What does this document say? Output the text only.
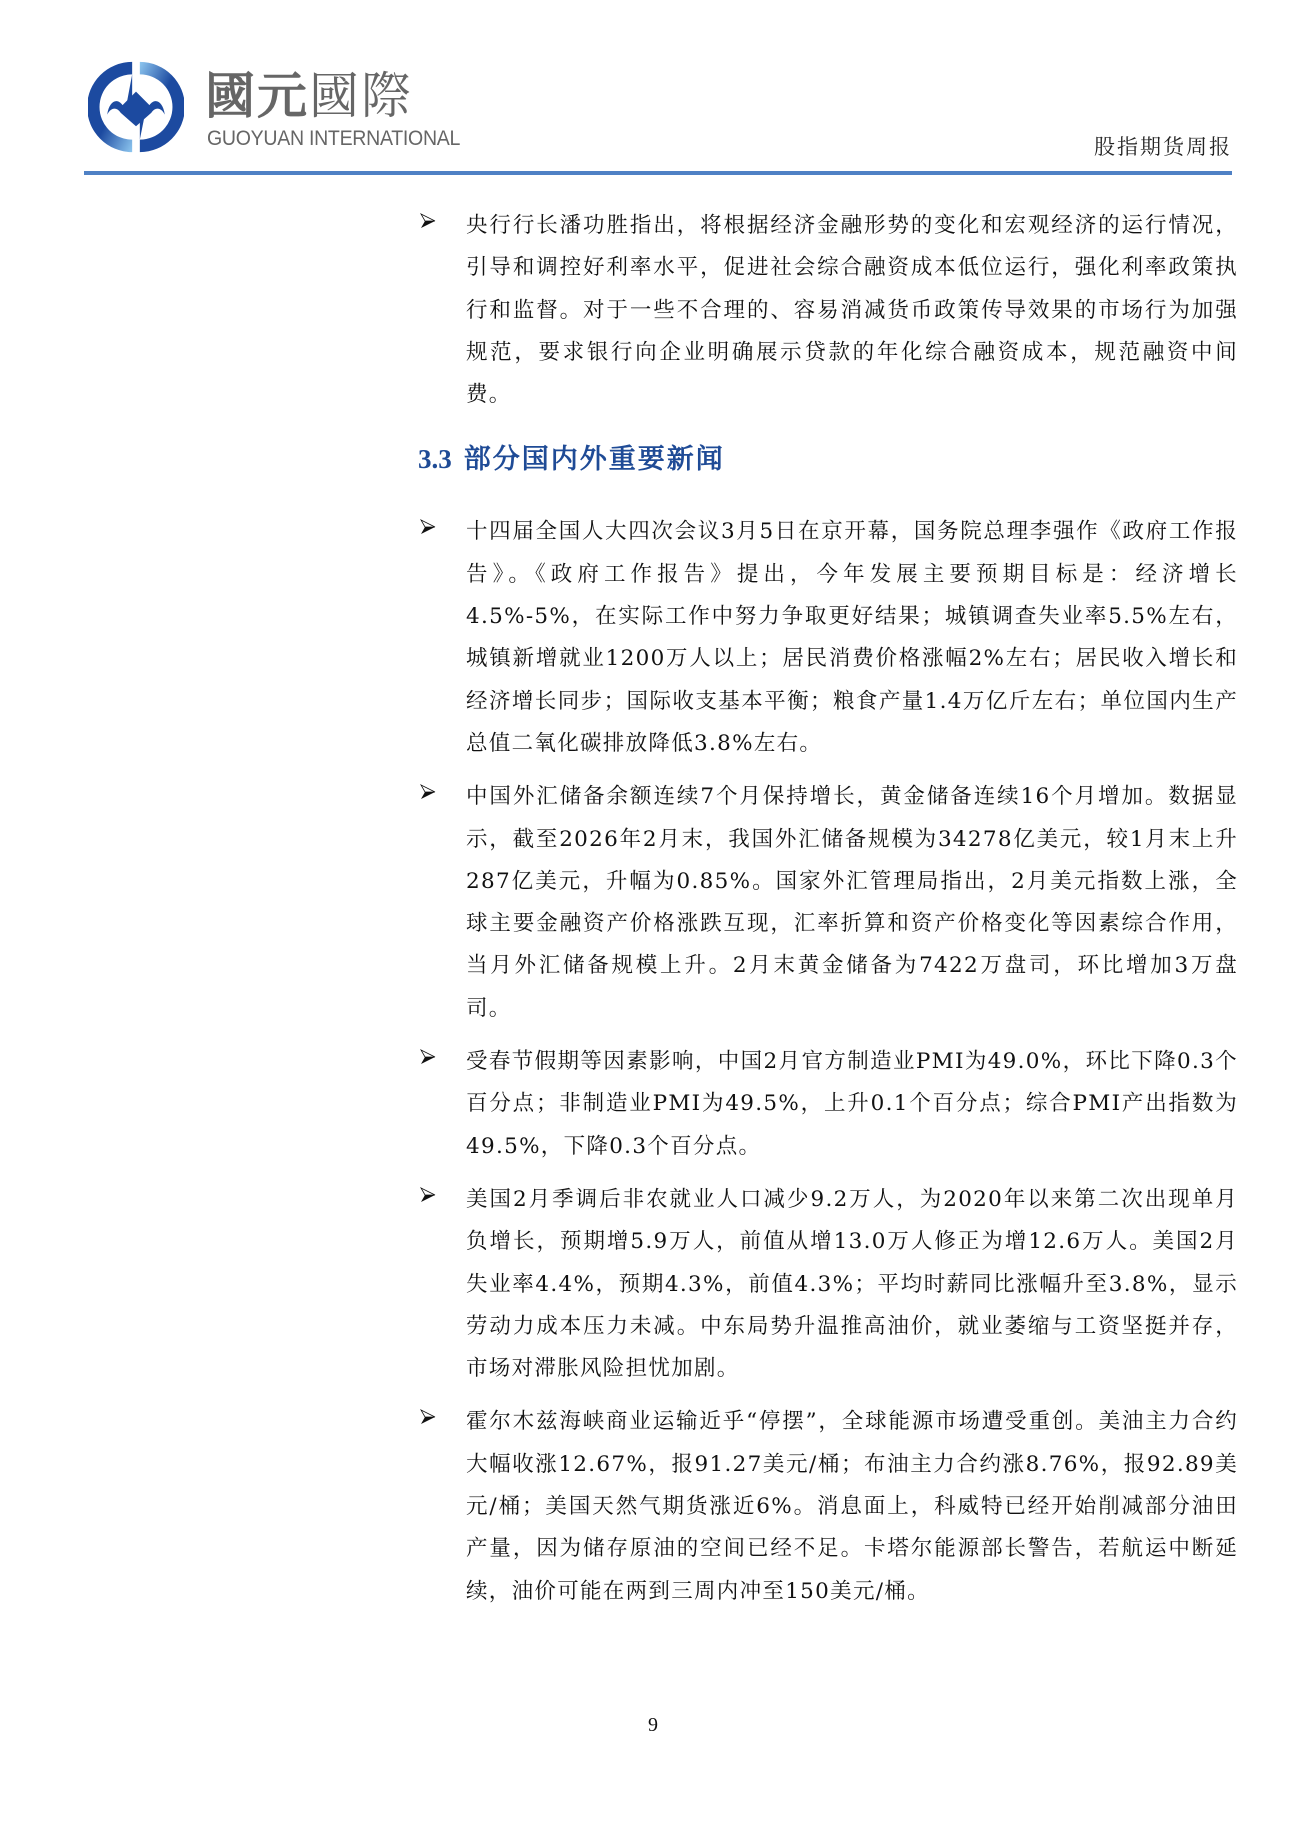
國元國際
GUOYUAN INTERNATIONAL	股指期货周报

央行行长潘功胜指出，将根据经济金融形势的变化和宏观经济的运行情况，引导和调控好利率水平，促进社会综合融资成本低位运行，强化利率政策执行和监督。对于一些不合理的、容易消减货币政策传导效果的市场行为加强规范，要求银行向企业明确展示贷款的年化综合融资成本，规范融资中间费。

3.3 部分国内外重要新闻

十四届全国人大四次会议3月5日在京开幕，国务院总理李强作《政府工作报告》。《政府工作报告》提出，今年发展主要预期目标是：经济增长4.5%-5%，在实际工作中努力争取更好结果；城镇调查失业率5.5%左右，城镇新增就业1200万人以上；居民消费价格涨幅2%左右；居民收入增长和经济增长同步；国际收支基本平衡；粮食产量1.4万亿斤左右；单位国内生产总值二氧化碳排放降低3.8%左右。

中国外汇储备余额连续7个月保持增长，黄金储备连续16个月增加。数据显示，截至2026年2月末，我国外汇储备规模为34278亿美元，较1月末上升287亿美元，升幅为0.85%。国家外汇管理局指出，2月美元指数上涨，全球主要金融资产价格涨跌互现，汇率折算和资产价格变化等因素综合作用，当月外汇储备规模上升。2月末黄金储备为7422万盘司，环比增加3万盘司。

受春节假期等因素影响，中国2月官方制造业PMI为49.0%，环比下降0.3个百分点；非制造业PMI为49.5%，上升0.1个百分点；综合PMI产出指数为49.5%，下降0.3个百分点。

美国2月季调后非农就业人口减少9.2万人，为2020年以来第二次出现单月负增长，预期增5.9万人，前值从增13.0万人修正为增12.6万人。美国2月失业率4.4%，预期4.3%，前值4.3%；平均时薪同比涨幅升至3.8%，显示劳动力成本压力未减。中东局势升温推高油价，就业萎缩与工资坚挺并存，市场对滞胀风险担忧加剧。

霍尔木兹海峡商业运输近乎“停摆”，全球能源市场遭受重创。美油主力合约大幅收涨12.67%，报91.27美元/桶；布油主力合约涨8.76%，报92.89美元/桶；美国天然气期货涨近6%。消息面上，科威特已经开始削减部分油田产量，因为储存原油的空间已经不足。卡塔尔能源部长警告，若航运中断延续，油价可能在两到三周内冲至150美元/桶。

9
